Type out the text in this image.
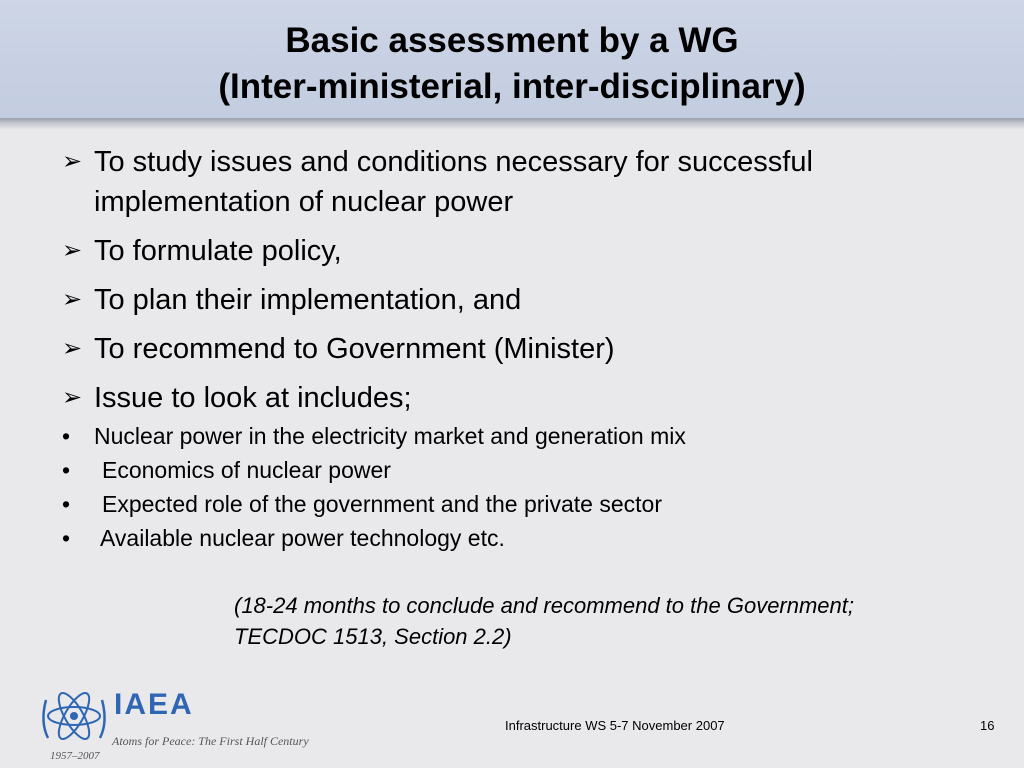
Basic assessment by a WG
(Inter-ministerial, inter-disciplinary)
➢ To study issues and conditions necessary for successful implementation of nuclear power
➢ To formulate policy,
➢ To plan their implementation, and
➢ To recommend to Government (Minister)
➢ Issue to look at includes;
•	Nuclear power in the electricity market and generation mix
•	Economics of nuclear power
•	Expected role of the government and the private sector
•	Available nuclear power technology etc.
(18-24 months to conclude and recommend to the Government;
TECDOC 1513, Section 2.2)
IAEA
Atoms for Peace: The First Half Century
1957–2007
Infrastructure WS 5-7 November 2007	16
